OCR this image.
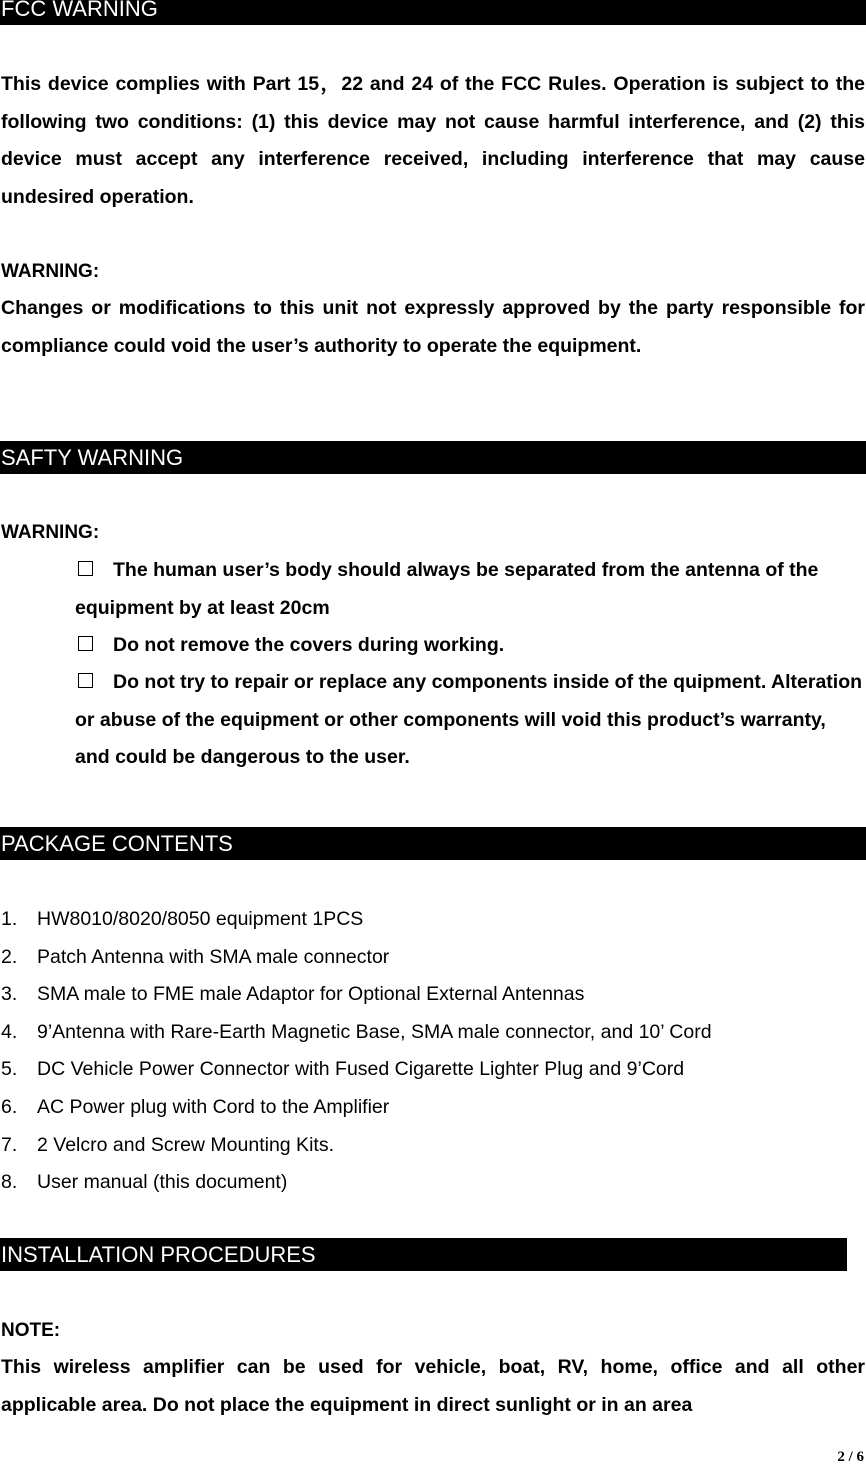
FCC WARNING
This device complies with Part 15，22 and 24 of the FCC Rules. Operation is subject to the following two conditions: (1) this device may not cause harmful interference, and (2) this device must accept any interference received, including interference that may cause undesired operation.
WARNING:
Changes or modifications to this unit not expressly approved by the party responsible for compliance could void the user’s authority to operate the equipment.
SAFTY WARNING
WARNING:
The human user’s body should always be separated from the antenna of the equipment by at least 20cm
Do not remove the covers during working.
Do not try to repair or replace any components inside of the quipment. Alteration or abuse of the equipment or other components will void this product’s warranty, and could be dangerous to the user.
PACKAGE CONTENTS
1. HW8010/8020/8050 equipment 1PCS
2. Patch Antenna with SMA male connector
3. SMA male to FME male Adaptor for Optional External Antennas
4. 9’Antenna with Rare-Earth Magnetic Base, SMA male connector, and 10’ Cord
5. DC Vehicle Power Connector with Fused Cigarette Lighter Plug and 9’Cord
6. AC Power plug with Cord to the Amplifier
7. 2 Velcro and Screw Mounting Kits.
8. User manual (this document)
INSTALLATION PROCEDURES
NOTE:
This wireless amplifier can be used for vehicle, boat, RV, home, office and all other applicable area. Do not place the equipment in direct sunlight or in an area
2 / 6
